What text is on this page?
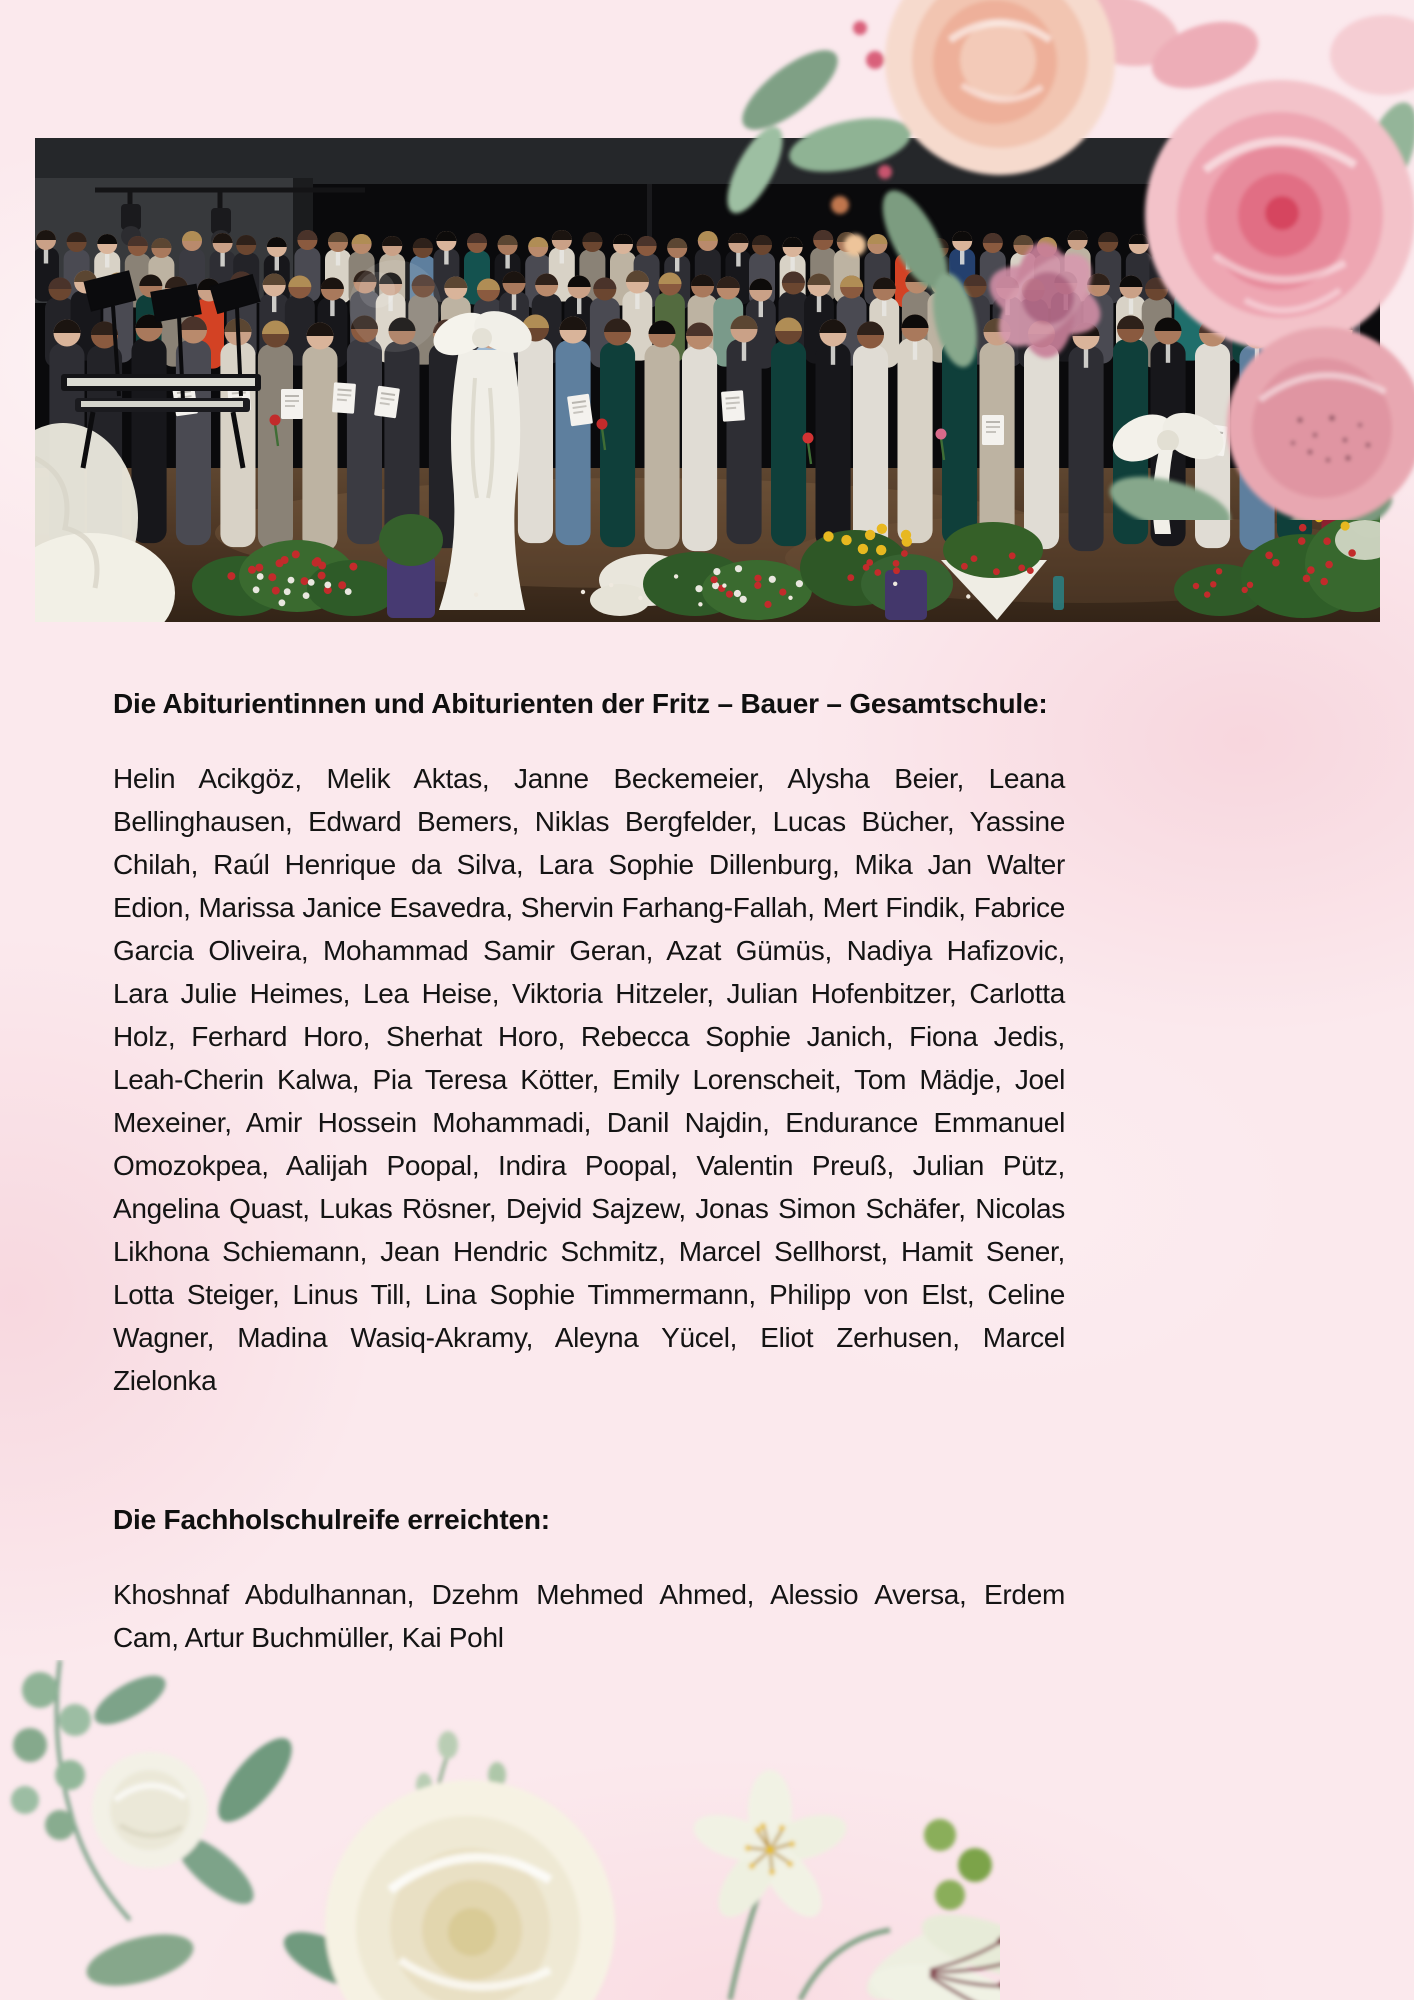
Die Abiturientinnen und Abiturienten der Fritz – Bauer – Gesamtschule:

Helin Acikgöz, Melik Aktas, Janne Beckemeier, Alysha Beier, Leana Bellinghausen, Edward Bemers, Niklas Bergfelder, Lucas Bücher, Yassine Chilah, Raúl Henrique da Silva, Lara Sophie Dillenburg, Mika Jan Walter Edion, Marissa Janice Esavedra, Shervin Farhang-Fallah, Mert Findik, Fabrice Garcia Oliveira, Mohammad Samir Geran, Azat Gümüs, Nadiya Hafizovic, Lara Julie Heimes, Lea Heise, Viktoria Hitzeler, Julian Hofenbitzer, Carlotta Holz, Ferhard Horo, Sherhat Horo, Rebecca Sophie Janich, Fiona Jedis, Leah-Cherin Kalwa, Pia Teresa Kötter, Emily Lorenscheit, Tom Mädje, Joel Mexeiner, Amir Hossein Mohammadi, Danil Najdin, Endurance Emmanuel Omozokpea, Aalijah Poopal, Indira Poopal, Valentin Preuß, Julian Pütz, Angelina Quast, Lukas Rösner, Dejvid Sajzew, Jonas Simon Schäfer, Nicolas Likhona Schiemann, Jean Hendric Schmitz, Marcel Sellhorst, Hamit Sener, Lotta Steiger, Linus Till, Lina Sophie Timmermann, Philipp von Elst, Celine Wagner, Madina Wasiq-Akramy, Aleyna Yücel, Eliot Zerhusen, Marcel Zielonka

Die Fachholschulreife erreichten:

Khoshnaf Abdulhannan, Dzehm Mehmed Ahmed, Alessio Aversa, Erdem Cam, Artur Buchmüller, Kai Pohl
